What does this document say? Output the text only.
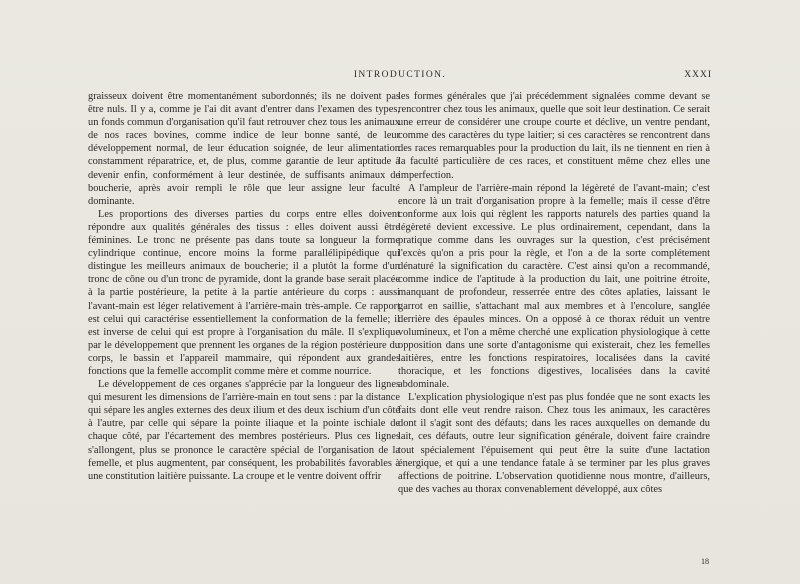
INTRODUCTION.	XXXI

graisseux doivent être momentanément subordonnés; ils ne doivent pas être nuls. Il y a, comme je l'ai dit avant d'entrer dans l'examen des types, un fonds commun d'organisation qu'il faut retrouver chez tous les animaux de nos races bovines, comme indice de leur bonne santé, de leur développement normal, de leur éducation soignée, de leur alimentation constamment réparatrice, et, de plus, comme garantie de leur aptitude à devenir enfin, conformément à leur destinée, de suffisants animaux de boucherie, après avoir rempli le rôle que leur assigne leur faculté dominante.

Les proportions des diverses parties du corps entre elles doivent répondre aux qualités générales des tissus : elles doivent aussi être féminines. Le tronc ne présente pas dans toute sa longueur la forme cylindrique continue, encore moins la forme parallélipipédique qui distingue les meilleurs animaux de boucherie; il a plutôt la forme d'un tronc de cône ou d'un tronc de pyramide, dont la grande base serait placée à la partie postérieure, la petite à la partie antérieure du corps : aussi l'avant-main est léger relativement à l'arrière-main très-ample. Ce rapport est celui qui caractérise essentiellement la conformation de la femelle; il est inverse de celui qui est propre à l'organisation du mâle. Il s'explique par le développement que prennent les organes de la région postérieure du corps, le bassin et l'appareil mammaire, qui répondent aux grandes fonctions que la femelle accomplit comme mère et comme nourrice.

Le développement de ces organes s'apprécie par la longueur des lignes qui mesurent les dimensions de l'arrière-main en tout sens : par la distance qui sépare les angles externes des deux ilium et des deux ischium d'un côté à l'autre, par celle qui sépare la pointe iliaque et la pointe ischiale de chaque côté, par l'écartement des membres postérieurs. Plus ces lignes s'allongent, plus se prononce le caractère spécial de l'organisation de la femelle, et plus augmentent, par conséquent, les probabilités favorables à une constitution laitière puissante. La croupe et le ventre doivent offrir

les formes générales que j'ai précédemment signalées comme devant se rencontrer chez tous les animaux, quelle que soit leur destination. Ce serait une erreur de considérer une croupe courte et déclive, un ventre pendant, comme des caractères du type laitier; si ces caractères se rencontrent dans des races remarquables pour la production du lait, ils ne tiennent en rien à la faculté particulière de ces races, et constituent même chez elles une imperfection.

A l'ampleur de l'arrière-main répond la légèreté de l'avant-main; c'est encore là un trait d'organisation propre à la femelle; mais il cesse d'être conforme aux lois qui règlent les rapports naturels des parties quand la légèreté devient excessive. Le plus ordinairement, cependant, dans la pratique comme dans les ouvrages sur la question, c'est précisément l'excès qu'on a pris pour la règle, et l'on a de la sorte complétement dénaturé la signification du caractère. C'est ainsi qu'on a recommandé, comme indice de l'aptitude à la production du lait, une poitrine étroite, manquant de profondeur, resserrée entre des côtes aplaties, laissant le garrot en saillie, s'attachant mal aux membres et à l'encolure, sanglée derrière des épaules minces. On a opposé à ce thorax réduit un ventre volumineux, et l'on a même cherché une explication physiologique à cette opposition dans une sorte d'antagonisme qui existerait, chez les femelles laitières, entre les fonctions respiratoires, localisées dans la cavité thoracique, et les fonctions digestives, localisées dans la cavité abdominale.

L'explication physiologique n'est pas plus fondée que ne sont exacts les faits dont elle veut rendre raison. Chez tous les animaux, les caractères dont il s'agit sont des défauts; dans les races auxquelles on demande du lait, ces défauts, outre leur signification générale, doivent faire craindre tout spécialement l'épuisement qui peut être la suite d'une lactation énergique, et qui a une tendance fatale à se terminer par les plus graves affections de poitrine. L'observation quotidienne nous montre, d'ailleurs, que des vaches au thorax convenablement développé, aux côtes

18
